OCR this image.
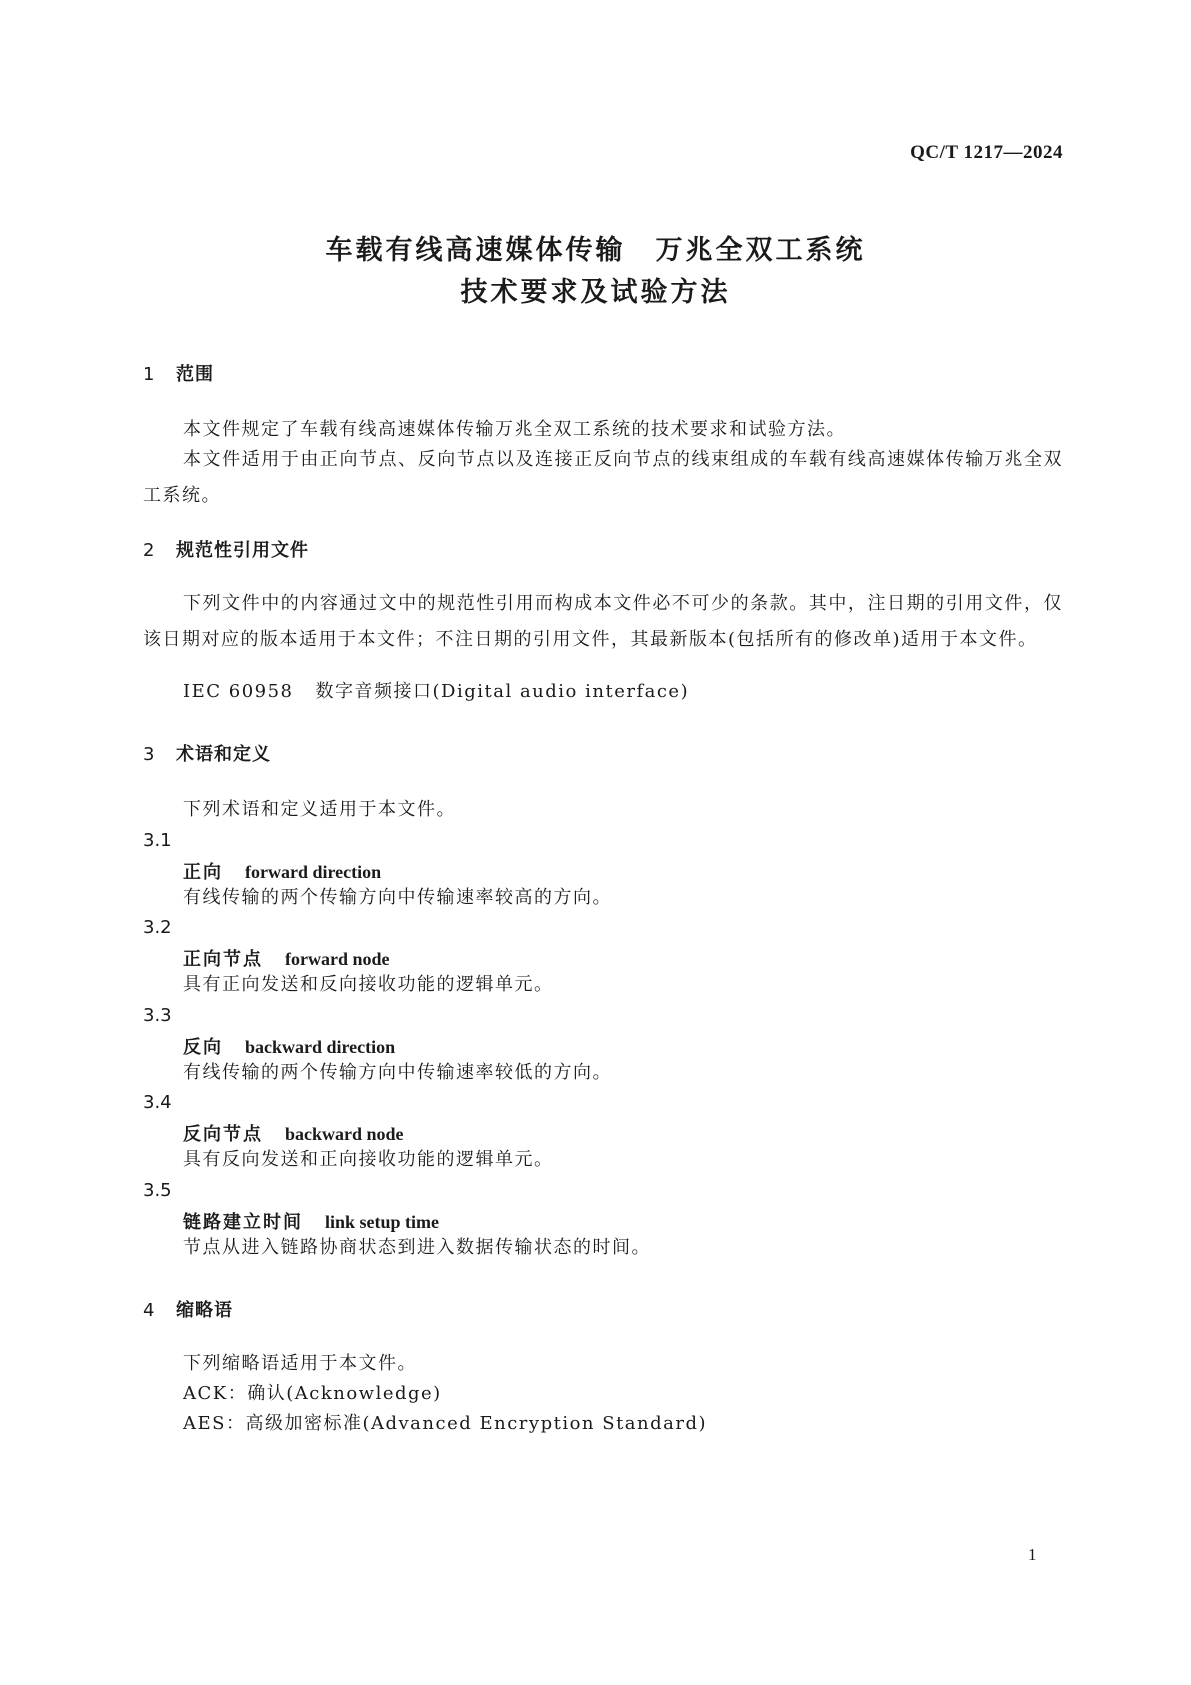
QC/T 1217—2024
车载有线高速媒体传输　万兆全双工系统
技术要求及试验方法
1 范围
本文件规定了车载有线高速媒体传输万兆全双工系统的技术要求和试验方法。
本文件适用于由正向节点、反向节点以及连接正反向节点的线束组成的车载有线高速媒体传输万兆全双工系统。
2 规范性引用文件
下列文件中的内容通过文中的规范性引用而构成本文件必不可少的条款。其中，注日期的引用文件，仅该日期对应的版本适用于本文件；不注日期的引用文件，其最新版本(包括所有的修改单)适用于本文件。
IEC 60958 数字音频接口(Digital audio interface)
3 术语和定义
下列术语和定义适用于本文件。
3.1
正向 forward direction
有线传输的两个传输方向中传输速率较高的方向。
3.2
正向节点 forward node
具有正向发送和反向接收功能的逻辑单元。
3.3
反向 backward direction
有线传输的两个传输方向中传输速率较低的方向。
3.4
反向节点 backward node
具有反向发送和正向接收功能的逻辑单元。
3.5
链路建立时间 link setup time
节点从进入链路协商状态到进入数据传输状态的时间。
4 缩略语
下列缩略语适用于本文件。
ACK：确认(Acknowledge)
AES：高级加密标准(Advanced Encryption Standard)
1
